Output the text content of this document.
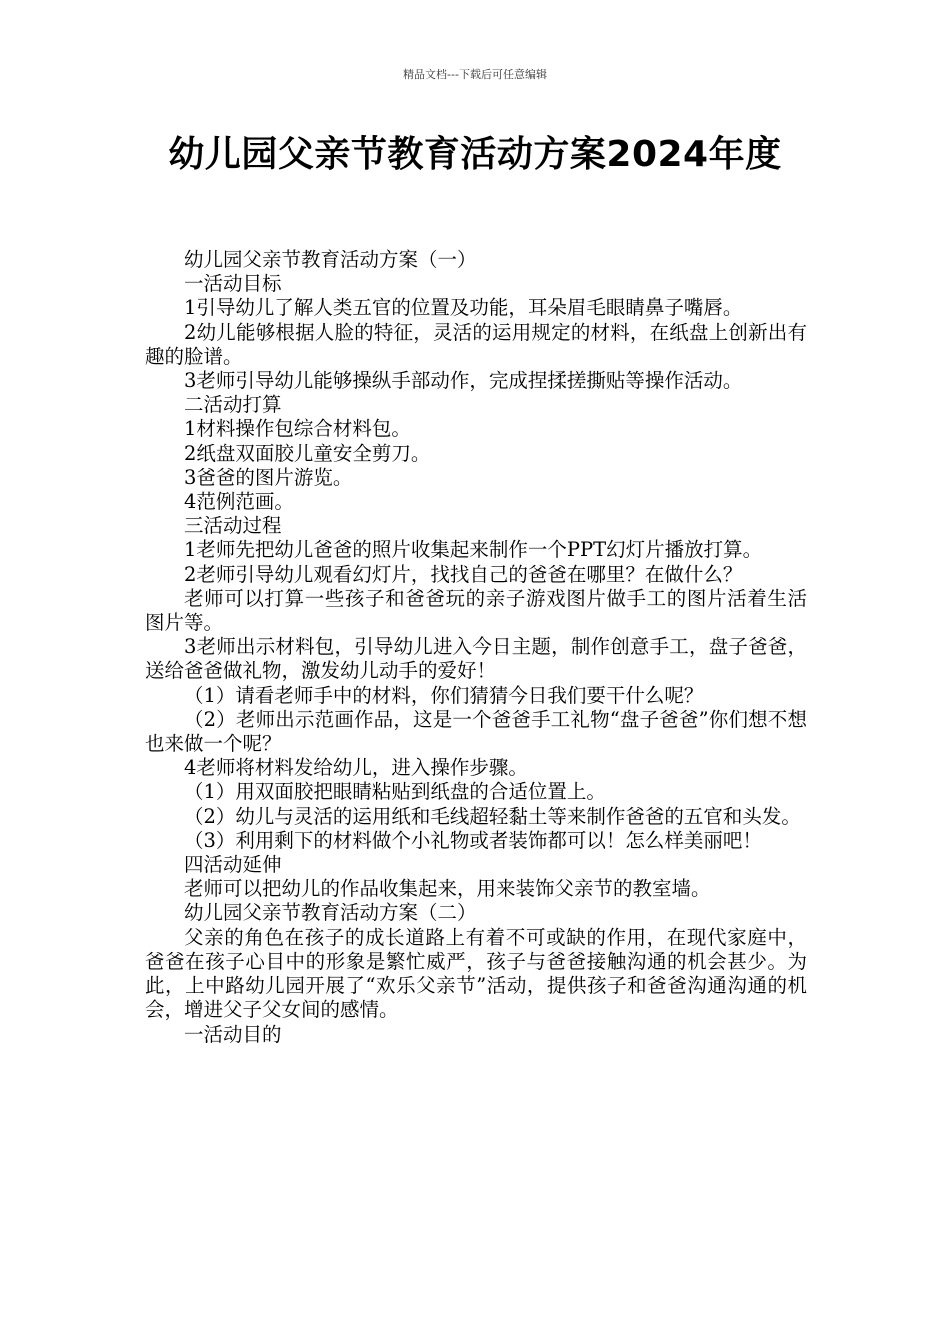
精品文档---下载后可任意编辑
幼儿园父亲节教育活动方案2024年度

幼儿园父亲节教育活动方案（一）

一活动目标

1引导幼儿了解人类五官的位置及功能，耳朵眉毛眼睛鼻子嘴唇。

2幼儿能够根据人脸的特征，灵活的运用规定的材料，在纸盘上创新出有趣的脸谱。

3老师引导幼儿能够操纵手部动作，完成捏揉搓撕贴等操作活动。

二活动打算

1材料操作包综合材料包。

2纸盘双面胶儿童安全剪刀。

3爸爸的图片游览。

4范例范画。

三活动过程

1老师先把幼儿爸爸的照片收集起来制作一个PPT幻灯片播放打算。

2老师引导幼儿观看幻灯片，找找自己的爸爸在哪里？在做什么？

老师可以打算一些孩子和爸爸玩的亲子游戏图片做手工的图片活着生活图片等。

3老师出示材料包，引导幼儿进入今日主题，制作创意手工，盘子爸爸，送给爸爸做礼物，激发幼儿动手的爱好！

（1）请看老师手中的材料，你们猜猜今日我们要干什么呢？

（2）老师出示范画作品，这是一个爸爸手工礼物“盘子爸爸”你们想不想也来做一个呢？

4老师将材料发给幼儿，进入操作步骤。

（1）用双面胶把眼睛粘贴到纸盘的合适位置上。

（2）幼儿与灵活的运用纸和毛线超轻黏土等来制作爸爸的五官和头发。

（3）利用剩下的材料做个小礼物或者装饰都可以！怎么样美丽吧！

四活动延伸

老师可以把幼儿的作品收集起来，用来装饰父亲节的教室墙。

幼儿园父亲节教育活动方案（二）

父亲的角色在孩子的成长道路上有着不可或缺的作用，在现代家庭中，爸爸在孩子心目中的形象是繁忙威严，孩子与爸爸接触沟通的机会甚少。为此，上中路幼儿园开展了“欢乐父亲节”活动，提供孩子和爸爸沟通沟通的机会，增进父子父女间的感情。

一活动目的
